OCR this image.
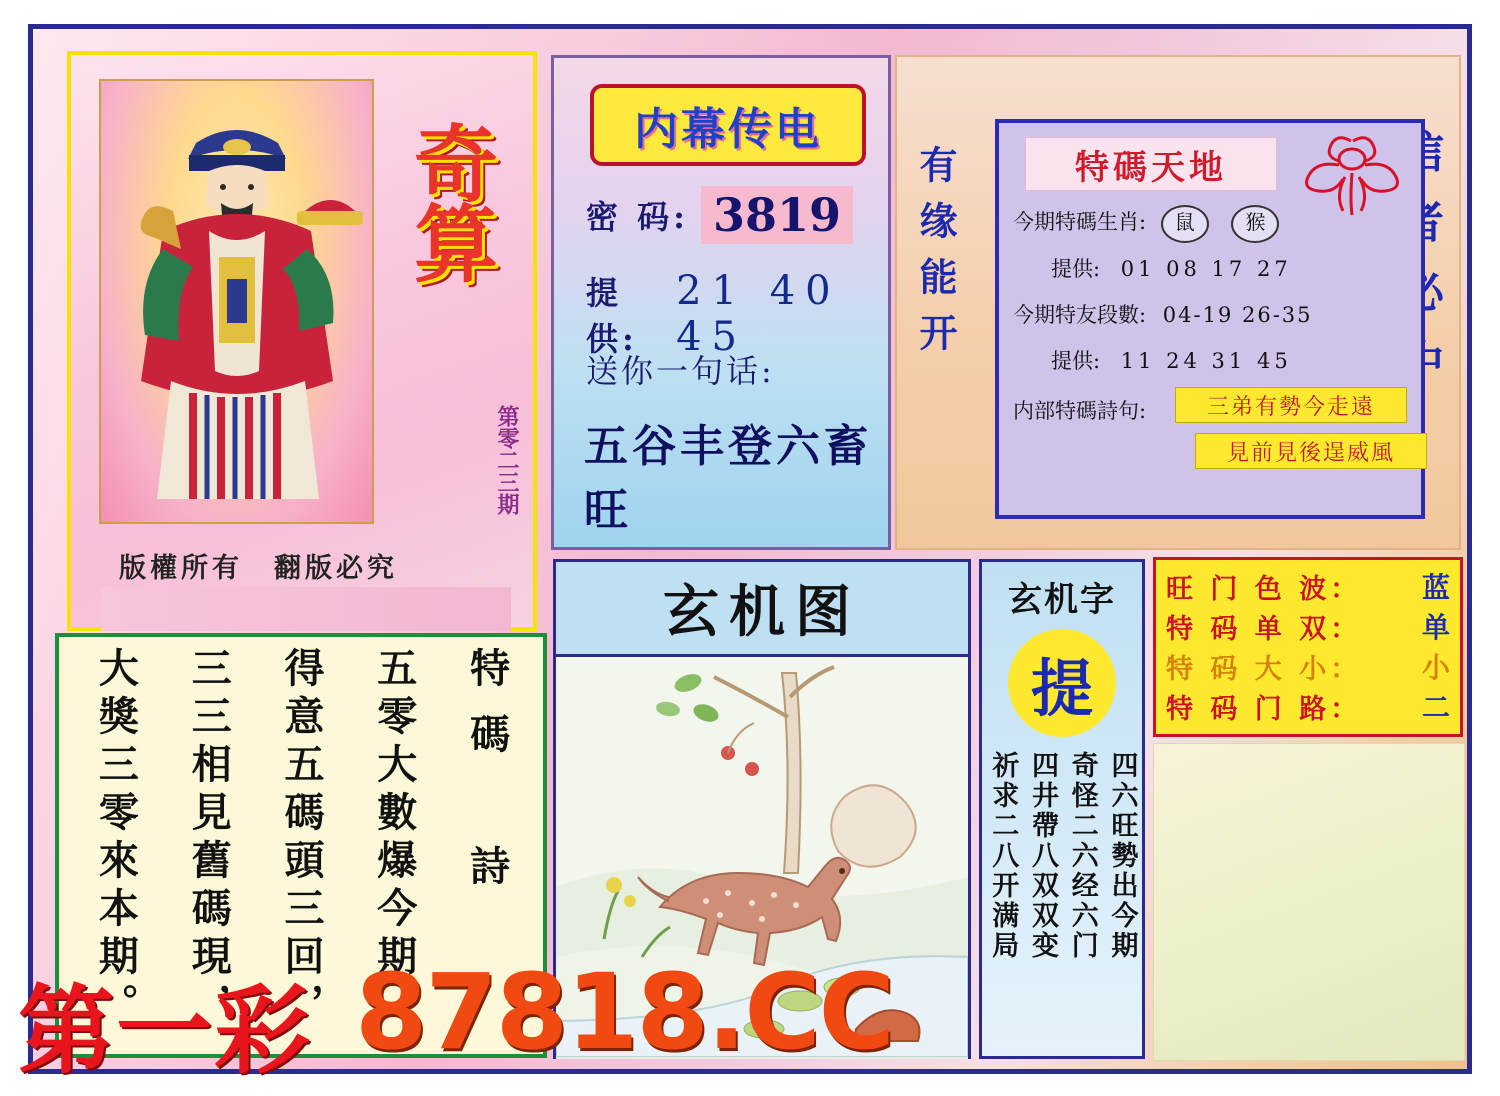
奇算
第零二三期
版權所有　翻版必究
特碼　詩
五零大數爆今期，
得意五碼頭三回，
三三相見舊碼現，
大獎三零來本期。
内幕传电
密 码: 3819
提供:
21 40 45
送你一句话:
五谷丰登六畜旺
有缘能开	特碼天地
今期特碼生肖: 鼠	猴
提供: 01 08 17 27
今期特友段數: 04-19 26-35
提供: 11 24 31 45
内部特碼詩句:	三弟有勢今走遠
見前見後逞威風
玄机图	玄机字
提
四六旺勢出今期
奇怪二六经六门
四井帶八双双变
祈求二八开满局
旺 门 色 波： 蓝
特 码 单 双： 单
特 码 大 小： 小
特 码 门 路： 二
第一彩 87818.CC
